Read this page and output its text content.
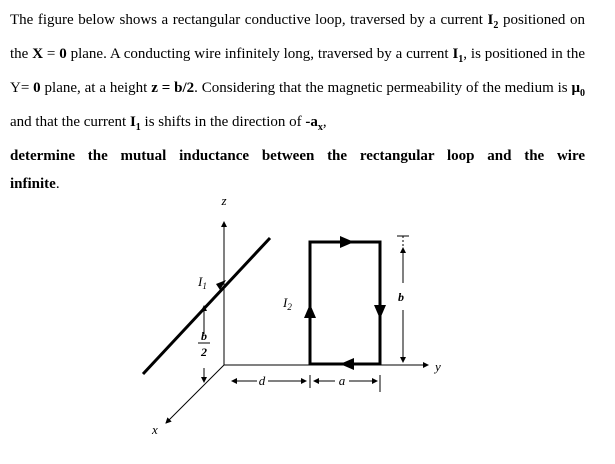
The figure below shows a rectangular conductive loop, traversed by a current $I_2$ positioned on the X = 0 plane. A conducting wire infinitely long, traversed by a current $I_1$, is positioned in the Y= 0 plane, at a height z = b/2. Considering that the magnetic permeability of the medium is $\mu_0$ and that the current $I_1$ is shifts in the direction of $-a_x$,

determine the mutual inductance between the rectangular loop and the wire

infinite.

z
y
x
$I_1$
$I_2$
b
b
2
d	a
